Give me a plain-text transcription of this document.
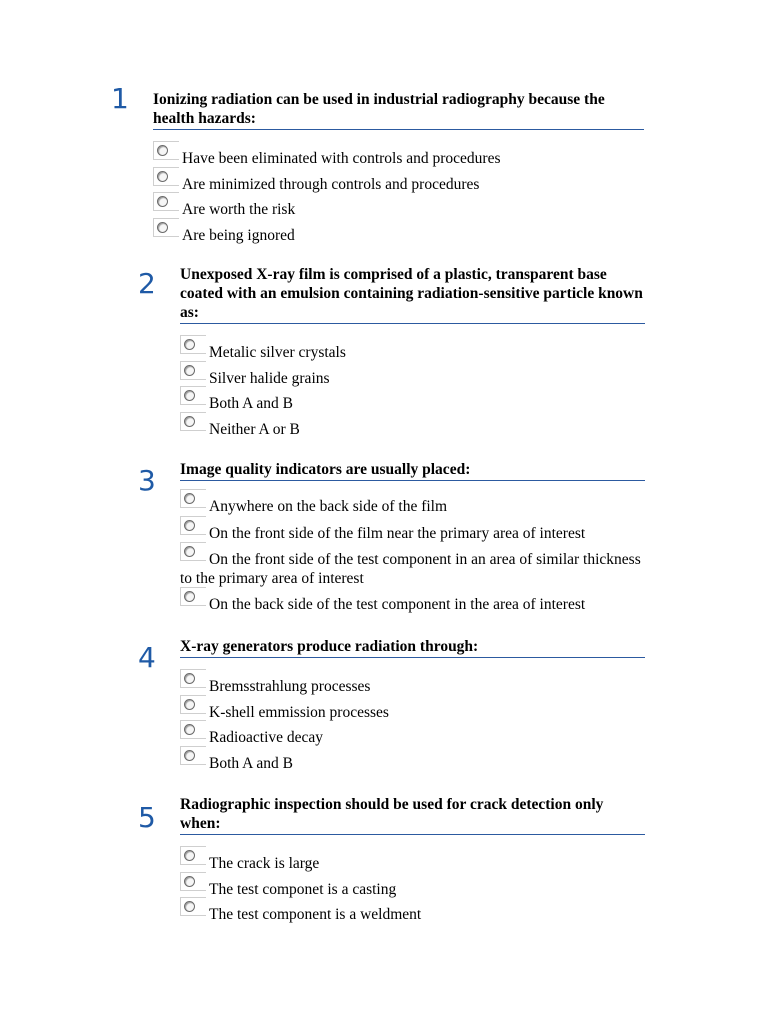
1 Ionizing radiation can be used in industrial radiography because the health hazards:
Have been eliminated with controls and procedures
Are minimized through controls and procedures
Are worth the risk
Are being ignored
2 Unexposed X-ray film is comprised of a plastic, transparent base coated with an emulsion containing radiation-sensitive particle known as:
Metalic silver crystals
Silver halide grains
Both A and B
Neither A or B
3 Image quality indicators are usually placed:
Anywhere on the back side of the film
On the front side of the film near the primary area of interest
On the front side of the test component in an area of similar thickness to the primary area of interest
On the back side of the test component in the area of interest
4 X-ray generators produce radiation through:
Bremsstrahlung processes
K-shell emmission processes
Radioactive decay
Both A and B
5 Radiographic inspection should be used for crack detection only when:
The crack is large
The test componet is a casting
The test component is a weldment
